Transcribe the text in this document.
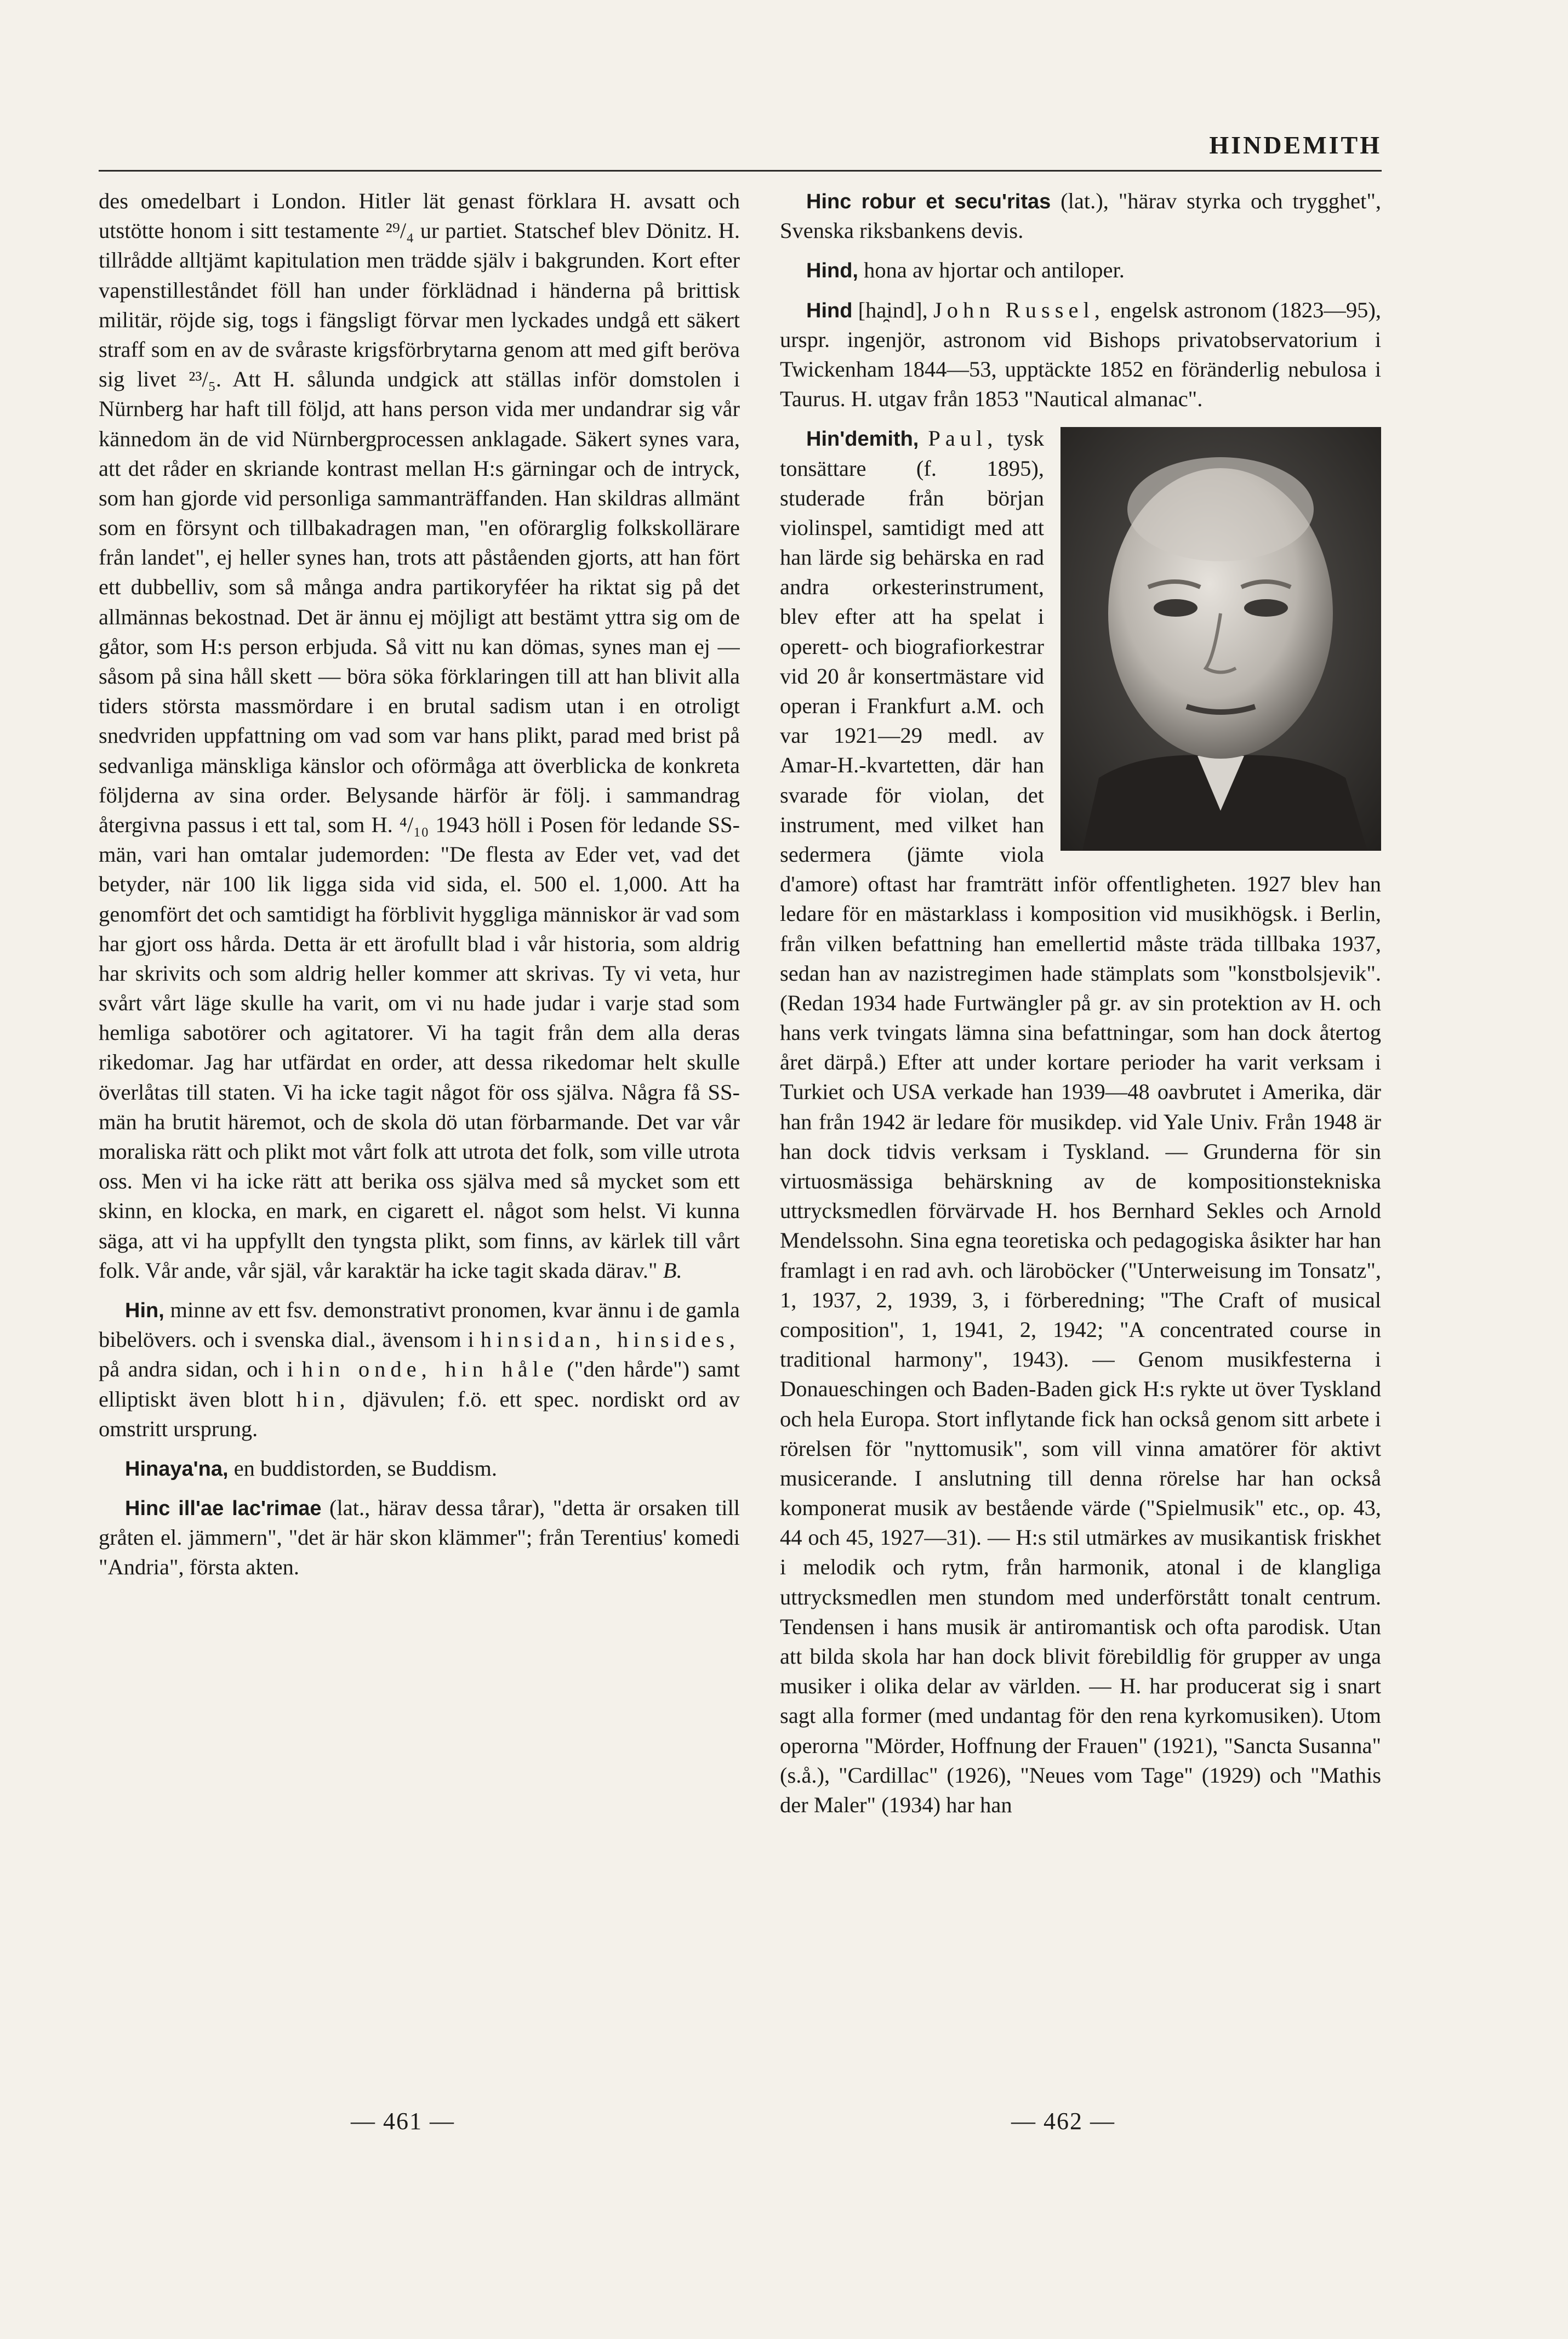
HINDEMITH

des omedelbart i London. Hitler lät genast förklara H. avsatt och utstötte honom i sitt testamente ²⁹/₄ ur partiet. Statschef blev Dönitz. H. tillrådde alltjämt kapitulation men trädde själv i bakgrunden. Kort efter vapenstilleståndet föll han under förklädnad i händerna på brittisk militär, röjde sig, togs i fängsligt förvar men lyckades undgå ett säkert straff som en av de svåraste krigsförbrytarna genom att med gift beröva sig livet ²³/₅. Att H. sålunda undgick att ställas inför domstolen i Nürnberg har haft till följd, att hans person vida mer undandrar sig vår kännedom än de vid Nürnbergprocessen anklagade. Säkert synes vara, att det råder en skriande kontrast mellan H:s gärningar och de intryck, som han gjorde vid personliga sammanträffanden. Han skildras allmänt som en försynt och tillbakadragen man, "en oförarglig folkskollärare från landet", ej heller synes han, trots att påståenden gjorts, att han fört ett dubbelliv, som så många andra partikoryféer ha riktat sig på det allmännas bekostnad. Det är ännu ej möjligt att bestämt yttra sig om de gåtor, som H:s person erbjuda. Så vitt nu kan dömas, synes man ej — såsom på sina håll skett — böra söka förklaringen till att han blivit alla tiders största massmördare i en brutal sadism utan i en otroligt snedvriden uppfattning om vad som var hans plikt, parad med brist på sedvanliga mänskliga känslor och oförmåga att överblicka de konkreta följderna av sina order. Belysande härför är följ. i sammandrag återgivna passus i ett tal, som H. ⁴/₁₀ 1943 höll i Posen för ledande SS-män, vari han omtalar judemorden: "De flesta av Eder vet, vad det betyder, när 100 lik ligga sida vid sida, el. 500 el. 1,000. Att ha genomfört det och samtidigt ha förblivit hyggliga människor är vad som har gjort oss hårda. Detta är ett ärofullt blad i vår historia, som aldrig har skrivits och som aldrig heller kommer att skrivas. Ty vi veta, hur svårt vårt läge skulle ha varit, om vi nu hade judar i varje stad som hemliga sabotörer och agitatorer. Vi ha tagit från dem alla deras rikedomar. Jag har utfärdat en order, att dessa rikedomar helt skulle överlåtas till staten. Vi ha icke tagit något för oss själva. Några få SS-män ha brutit häremot, och de skola dö utan förbarmande. Det var vår moraliska rätt och plikt mot vårt folk att utrota det folk, som ville utrota oss. Men vi ha icke rätt att berika oss själva med så mycket som ett skinn, en klocka, en mark, en cigarett el. något som helst. Vi kunna säga, att vi ha uppfyllt den tyngsta plikt, som finns, av kärlek till vårt folk. Vår ande, vår själ, vår karaktär ha icke tagit skada därav." B.

Hin, minne av ett fsv. demonstrativt pronomen, kvar ännu i de gamla bibelövers. och i svenska dial., ävensom i hinsidan, hinsides, på andra sidan, och i hin onde, hin håle ("den hårde") samt elliptiskt även blott hin, djävulen; f.ö. ett spec. nordiskt ord av omstritt ursprung.

Hinaya'na, en buddistorden, se Buddism.

Hinc ill'ae lac'rimae (lat., härav dessa tårar), "detta är orsaken till gråten el. jämmern", "det är här skon klämmer"; från Terentius' komedi "Andria", första akten.

Hinc robur et secu'ritas (lat.), "härav styrka och trygghet", Svenska riksbankens devis.

Hind, hona av hjortar och antiloper.

Hind [ha̯ind], John Russel, engelsk astronom (1823—95), urspr. ingenjör, astronom vid Bishops privatobservatorium i Twickenham 1844—53, upptäckte 1852 en föränderlig nebulosa i Taurus. H. utgav från 1853 "Nautical almanac".

Hin'demith, Paul, tysk tonsättare (f. 1895), studerade från början violinspel, samtidigt med att han lärde sig behärska en rad andra orkesterinstrument, blev efter att ha spelat i operett- och biografiorkestrar vid 20 år konsertmästare vid operan i Frankfurt a.M. och var 1921—29 medl. av Amar-H.-kvartetten, där han svarade för violan, det instrument, med vilket han sedermera (jämte viola d'amore) oftast har framträtt inför offentligheten. 1927 blev han ledare för en mästarklass i komposition vid musikhögsk. i Berlin, från vilken befattning han emellertid måste träda tillbaka 1937, sedan han av nazistregimen hade stämplats som "konstbolsjevik". (Redan 1934 hade Furtwängler på gr. av sin protektion av H. och hans verk tvingats lämna sina befattningar, som han dock återtog året därpå.) Efter att under kortare perioder ha varit verksam i Turkiet och USA verkade han 1939—48 oavbrutet i Amerika, där han från 1942 är ledare för musikdep. vid Yale Univ. Från 1948 är han dock tidvis verksam i Tyskland. — Grunderna för sin virtuosmässiga behärskning av de kompositionstekniska uttrycksmedlen förvärvade H. hos Bernhard Sekles och Arnold Mendelssohn. Sina egna teoretiska och pedagogiska åsikter har han framlagt i en rad avh. och läroböcker ("Unterweisung im Tonsatz", 1, 1937, 2, 1939, 3, i förberedning; "The Craft of musical composition", 1, 1941, 2, 1942; "A concentrated course in traditional harmony", 1943). — Genom musikfesterna i Donaueschingen och Baden-Baden gick H:s rykte ut över Tyskland och hela Europa. Stort inflytande fick han också genom sitt arbete i rörelsen för "nyttomusik", som vill vinna amatörer för aktivt musicerande. I anslutning till denna rörelse har han också komponerat musik av bestående värde ("Spielmusik" etc., op. 43, 44 och 45, 1927—31). — H:s stil utmärkes av musikantisk friskhet i melodik och rytm, från harmonik, atonal i de klangliga uttrycksmedlen men stundom med underförstått tonalt centrum. Tendensen i hans musik är antiromantisk och ofta parodisk. Utan att bilda skola har han dock blivit förebildlig för grupper av unga musiker i olika delar av världen. — H. har producerat sig i snart sagt alla former (med undantag för den rena kyrkomusiken). Utom operorna "Mörder, Hoffnung der Frauen" (1921), "Sancta Susanna" (s.å.), "Cardillac" (1926), "Neues vom Tage" (1929) och "Mathis der Maler" (1934) har han

— 461 —	— 462 —
